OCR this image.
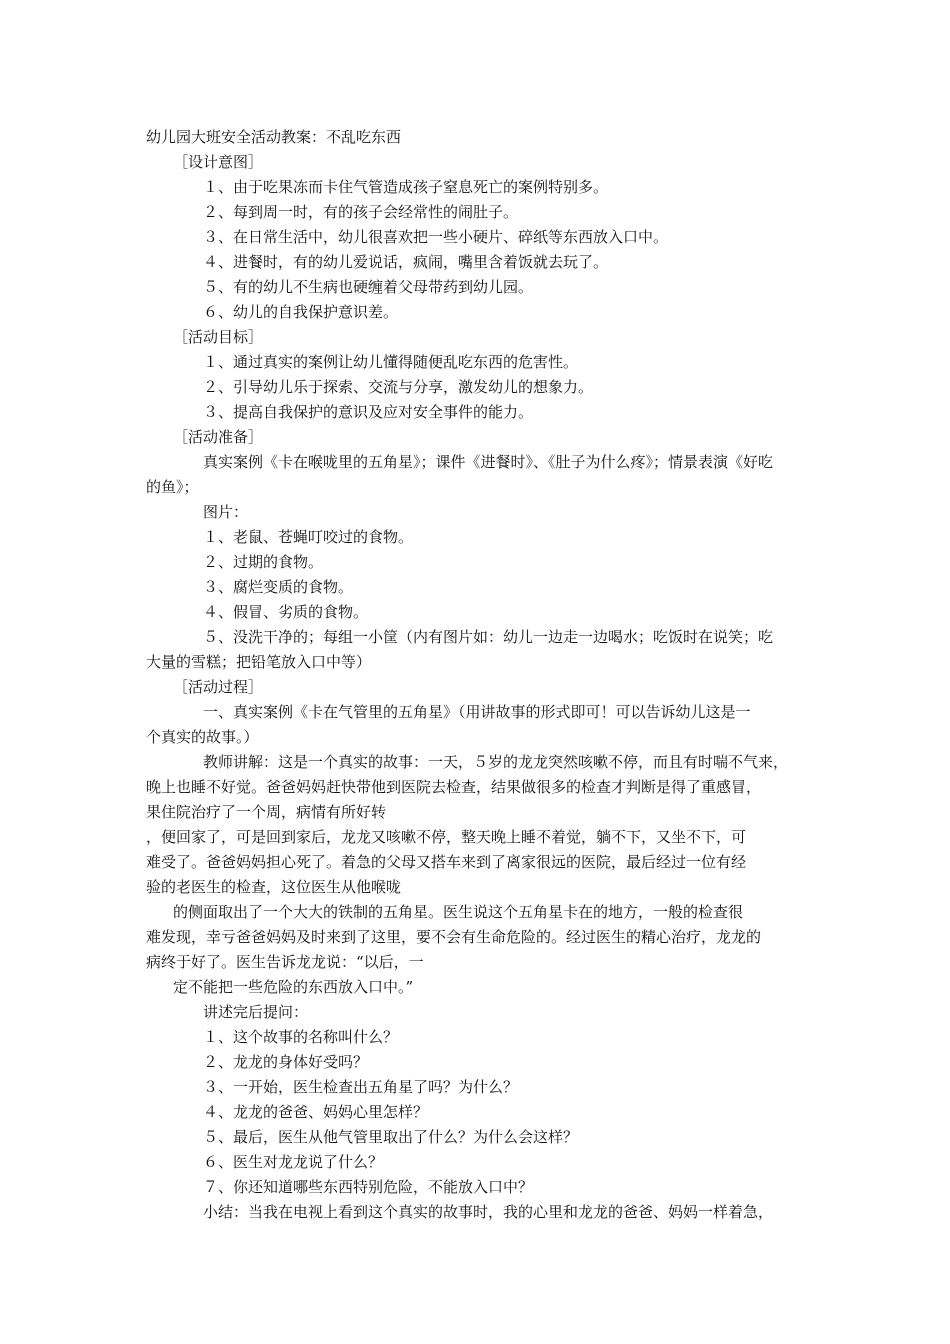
幼儿园大班安全活动教案：不乱吃东西
［设计意图］
１、由于吃果冻而卡住气管造成孩子窒息死亡的案例特别多。
２、每到周一时，有的孩子会经常性的闹肚子。
３、在日常生活中，幼儿很喜欢把一些小硬片、碎纸等东西放入口中。
４、进餐时，有的幼儿爱说话，疯闹，嘴里含着饭就去玩了。
５、有的幼儿不生病也硬缠着父母带药到幼儿园。
６、幼儿的自我保护意识差。
［活动目标］
１、通过真实的案例让幼儿懂得随便乱吃东西的危害性。
２、引导幼儿乐于探索、交流与分享，激发幼儿的想象力。
３、提高自我保护的意识及应对安全事件的能力。
［活动准备］
真实案例《卡在喉咙里的五角星》；课件《进餐时》、《肚子为什么疼》；情景表演《好吃
的鱼》；
图片：
１、老鼠、苍蝇叮咬过的食物。
２、过期的食物。
３、腐烂变质的食物。
４、假冒、劣质的食物。
５、没洗干净的；每组一小筐（内有图片如：幼儿一边走一边喝水；吃饭时在说笑；吃
大量的雪糕；把铅笔放入口中等）
［活动过程］
一、真实案例《卡在气管里的五角星》（用讲故事的形式即可！可以告诉幼儿这是一
个真实的故事。）
教师讲解：这是一个真实的故事：一天，５岁的龙龙突然咳嗽不停，而且有时喘不气来，
晚上也睡不好觉。爸爸妈妈赶快带他到医院去检查，结果做很多的检查才判断是得了重感冒，
果住院治疗了一个周，病情有所好转
，便回家了，可是回到家后，龙龙又咳嗽不停，整天晚上睡不着觉，躺不下，又坐不下，可
难受了。爸爸妈妈担心死了。着急的父母又搭车来到了离家很远的医院，最后经过一位有经
验的老医生的检查，这位医生从他喉咙
的侧面取出了一个大大的铁制的五角星。医生说这个五角星卡在的地方，一般的检查很
难发现，幸亏爸爸妈妈及时来到了这里，要不会有生命危险的。经过医生的精心治疗，龙龙的
病终于好了。医生告诉龙龙说：“以后，一
定不能把一些危险的东西放入口中。”
讲述完后提问：
１、这个故事的名称叫什么？
２、龙龙的身体好受吗？
３、一开始，医生检查出五角星了吗？为什么？
４、龙龙的爸爸、妈妈心里怎样？
５、最后，医生从他气管里取出了什么？为什么会这样？
６、医生对龙龙说了什么？
７、你还知道哪些东西特别危险，不能放入口中？
小结：当我在电视上看到这个真实的故事时，我的心里和龙龙的爸爸、妈妈一样着急，
